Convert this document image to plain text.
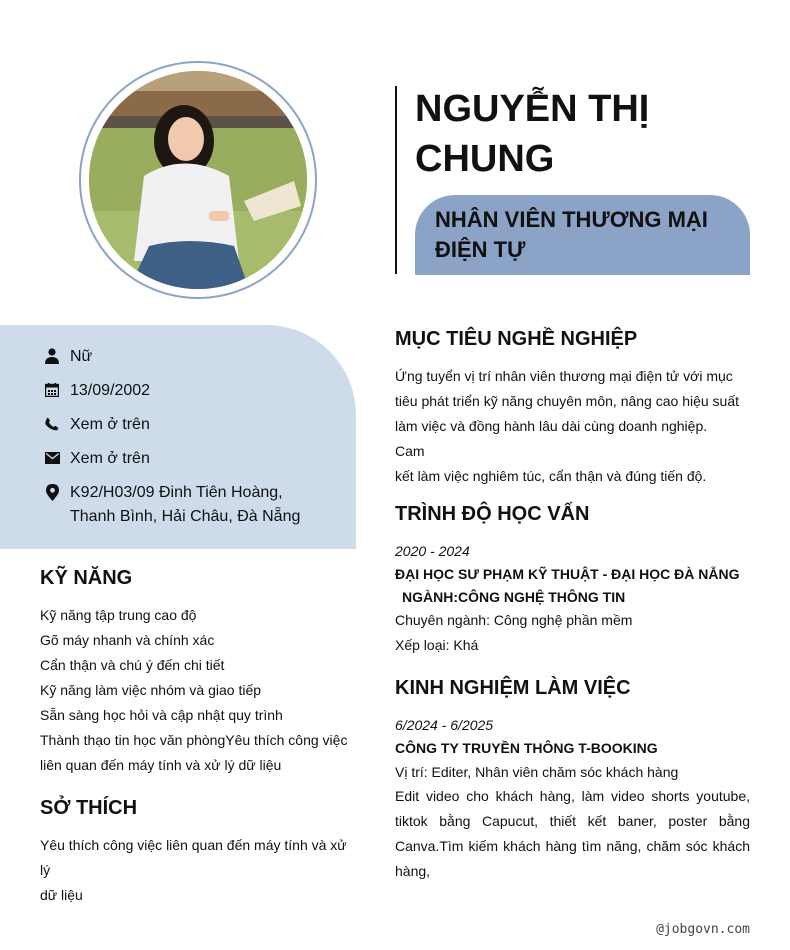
NGUYỄN THỊ
CHUNG
NHÂN VIÊN THƯƠNG MẠI
ĐIỆN TỰ
Nữ
13/09/2002
Xem ở trên
Xem ở trên
K92/H03/09 Đinh Tiên Hoàng,
Thanh Bình, Hải Châu, Đà Nẵng
KỸ NĂNG
Kỹ năng tập trung cao độ
Gõ máy nhanh và chính xác
Cẩn thận và chú ý đến chi tiết
Kỹ năng làm việc nhóm và giao tiếp
Sẵn sàng học hỏi và cập nhật quy trình
Thành thạo tin học văn phòngYêu thích công việc
liên quan đến máy tính và xử lý dữ liệu
SỞ THÍCH
Yêu thích công việc liên quan đến máy tính và xử lý
dữ liệu
MỤC TIÊU NGHỀ NGHIỆP
Ứng tuyển vị trí nhân viên thương mại điện tử với mục
tiêu phát triển kỹ năng chuyên môn, nâng cao hiệu suất
làm việc và đồng hành lâu dài cùng doanh nghiệp. Cam
kết làm việc nghiêm túc, cẩn thận và đúng tiến độ.
TRÌNH ĐỘ HỌC VẤN
2020 - 2024
ĐẠI HỌC SƯ PHẠM KỸ THUẬT - ĐẠI HỌC ĐÀ NẴNG
NGÀNH:CÔNG NGHỆ THÔNG TIN
Chuyên ngành: Công nghệ phần mềm
Xếp loại: Khá
KINH NGHIỆM LÀM VIỆC
6/2024 - 6/2025
CÔNG TY TRUYỀN THÔNG T-BOOKING
Vị trí: Editer, Nhân viên chăm sóc khách hàng
Edit video cho khách hàng, làm video shorts youtube, tiktok bằng Capucut, thiết kết baner, poster bằng Canva.Tìm kiếm khách hàng tìm năng, chăm sóc khách hàng,
@jobgovn.com
